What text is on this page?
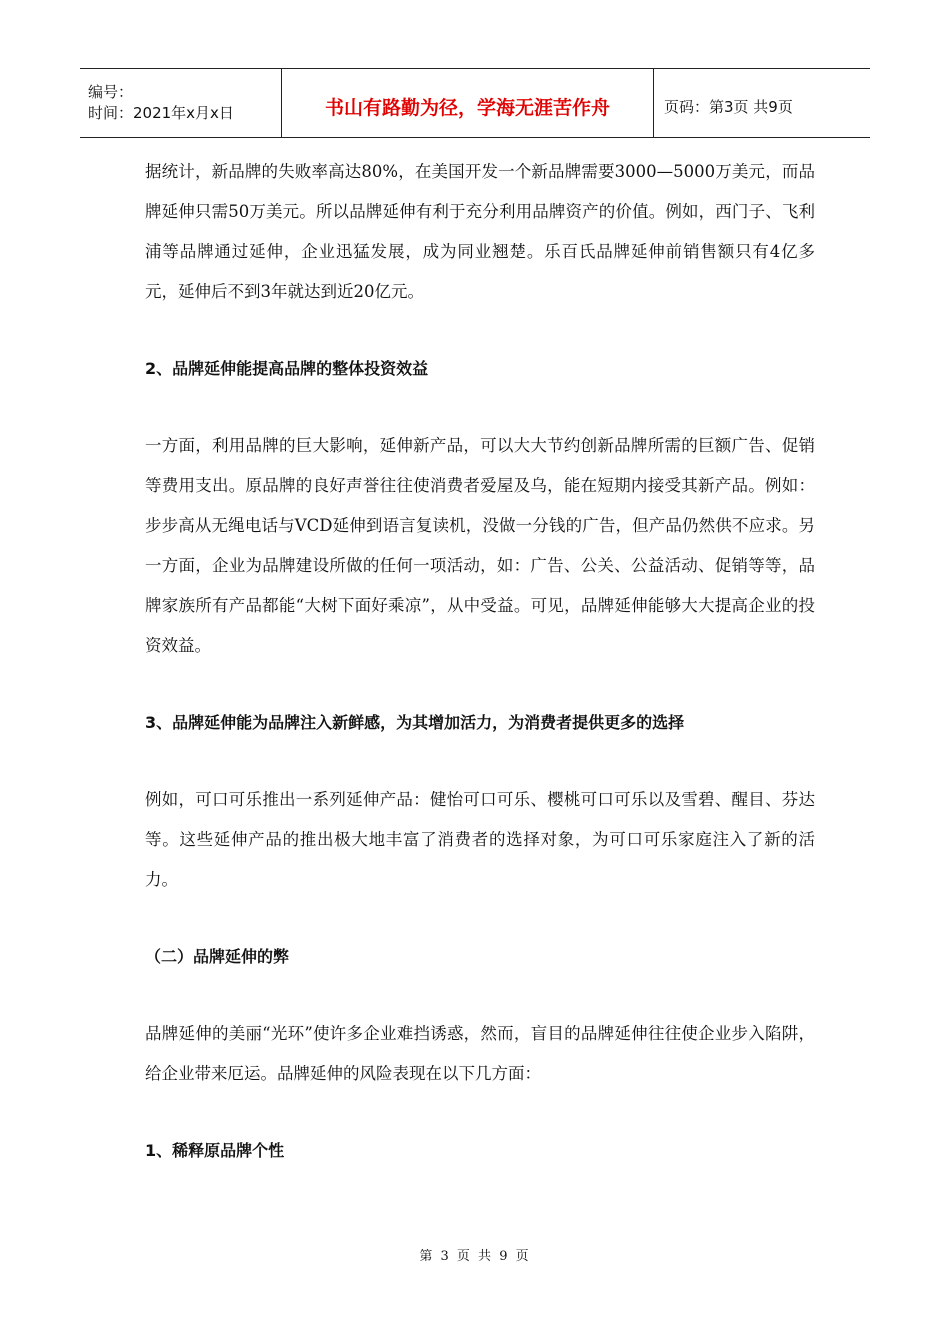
编号：
时间：2021年x月x日	书山有路勤为径，学海无涯苦作舟	页码：第3页 共9页

据统计，新品牌的失败率高达80%，在美国开发一个新品牌需要3000—5000万美元，而品牌延伸只需50万美元。所以品牌延伸有利于充分利用品牌资产的价值。例如，西门子、飞利浦等品牌通过延伸，企业迅猛发展，成为同业翘楚。乐百氏品牌延伸前销售额只有4亿多元，延伸后不到3年就达到近20亿元。

2、品牌延伸能提高品牌的整体投资效益

一方面，利用品牌的巨大影响，延伸新产品，可以大大节约创新品牌所需的巨额广告、促销等费用支出。原品牌的良好声誉往往使消费者爱屋及乌，能在短期内接受其新产品。例如：步步高从无绳电话与VCD延伸到语言复读机，没做一分钱的广告，但产品仍然供不应求。另一方面，企业为品牌建设所做的任何一项活动，如：广告、公关、公益活动、促销等等，品牌家族所有产品都能“大树下面好乘凉”，从中受益。可见，品牌延伸能够大大提高企业的投资效益。

3、品牌延伸能为品牌注入新鲜感，为其增加活力，为消费者提供更多的选择

例如，可口可乐推出一系列延伸产品：健怡可口可乐、樱桃可口可乐以及雪碧、醒目、芬达等。这些延伸产品的推出极大地丰富了消费者的选择对象，为可口可乐家庭注入了新的活力。

（二）品牌延伸的弊

品牌延伸的美丽“光环”使许多企业难挡诱惑，然而，盲目的品牌延伸往往使企业步入陷阱，给企业带来厄运。品牌延伸的风险表现在以下几方面：

1、稀释原品牌个性

第 3 页 共 9 页
